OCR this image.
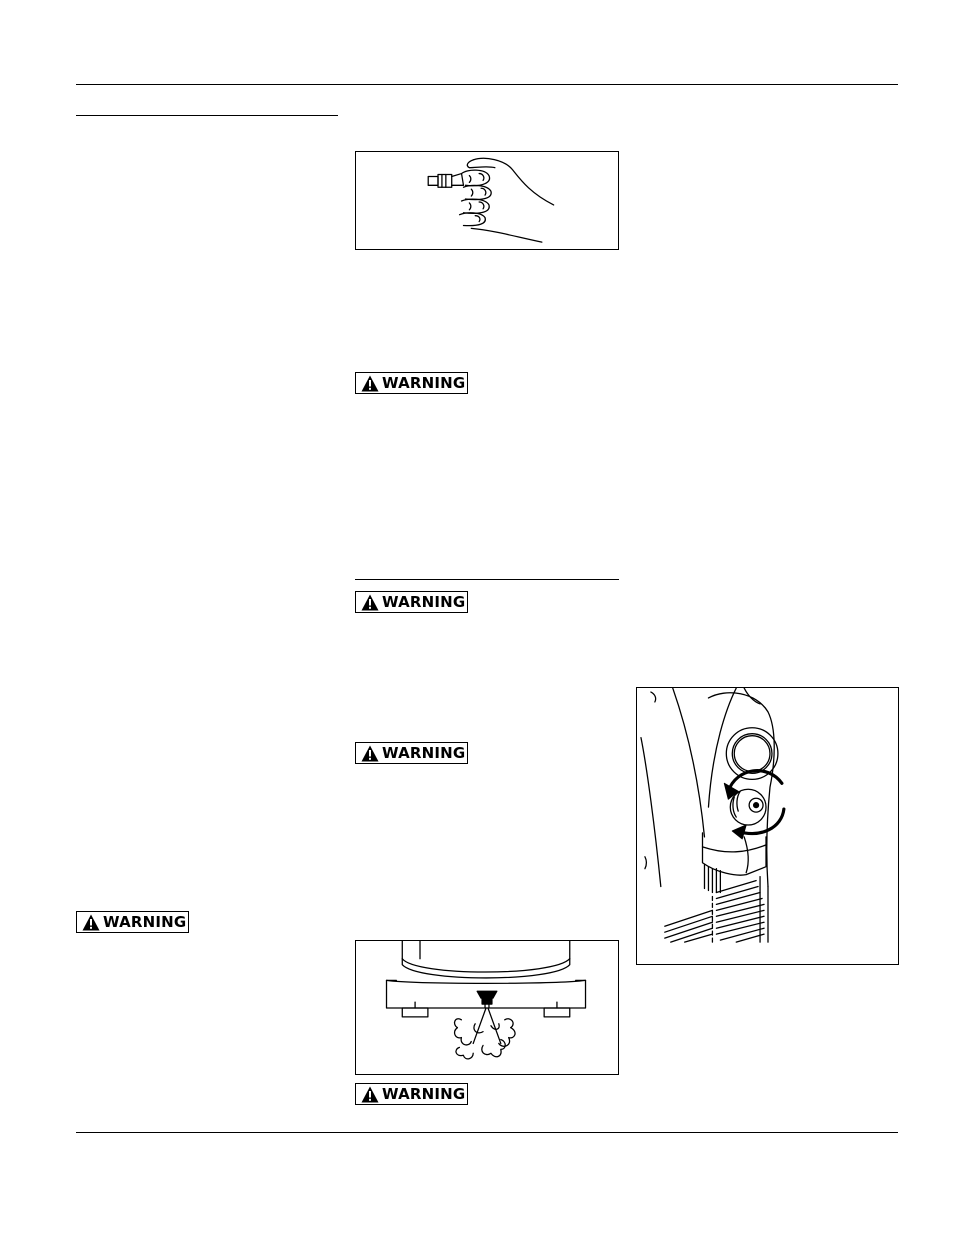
WARNING
WARNING
WARNING
WARNING
WARNING
